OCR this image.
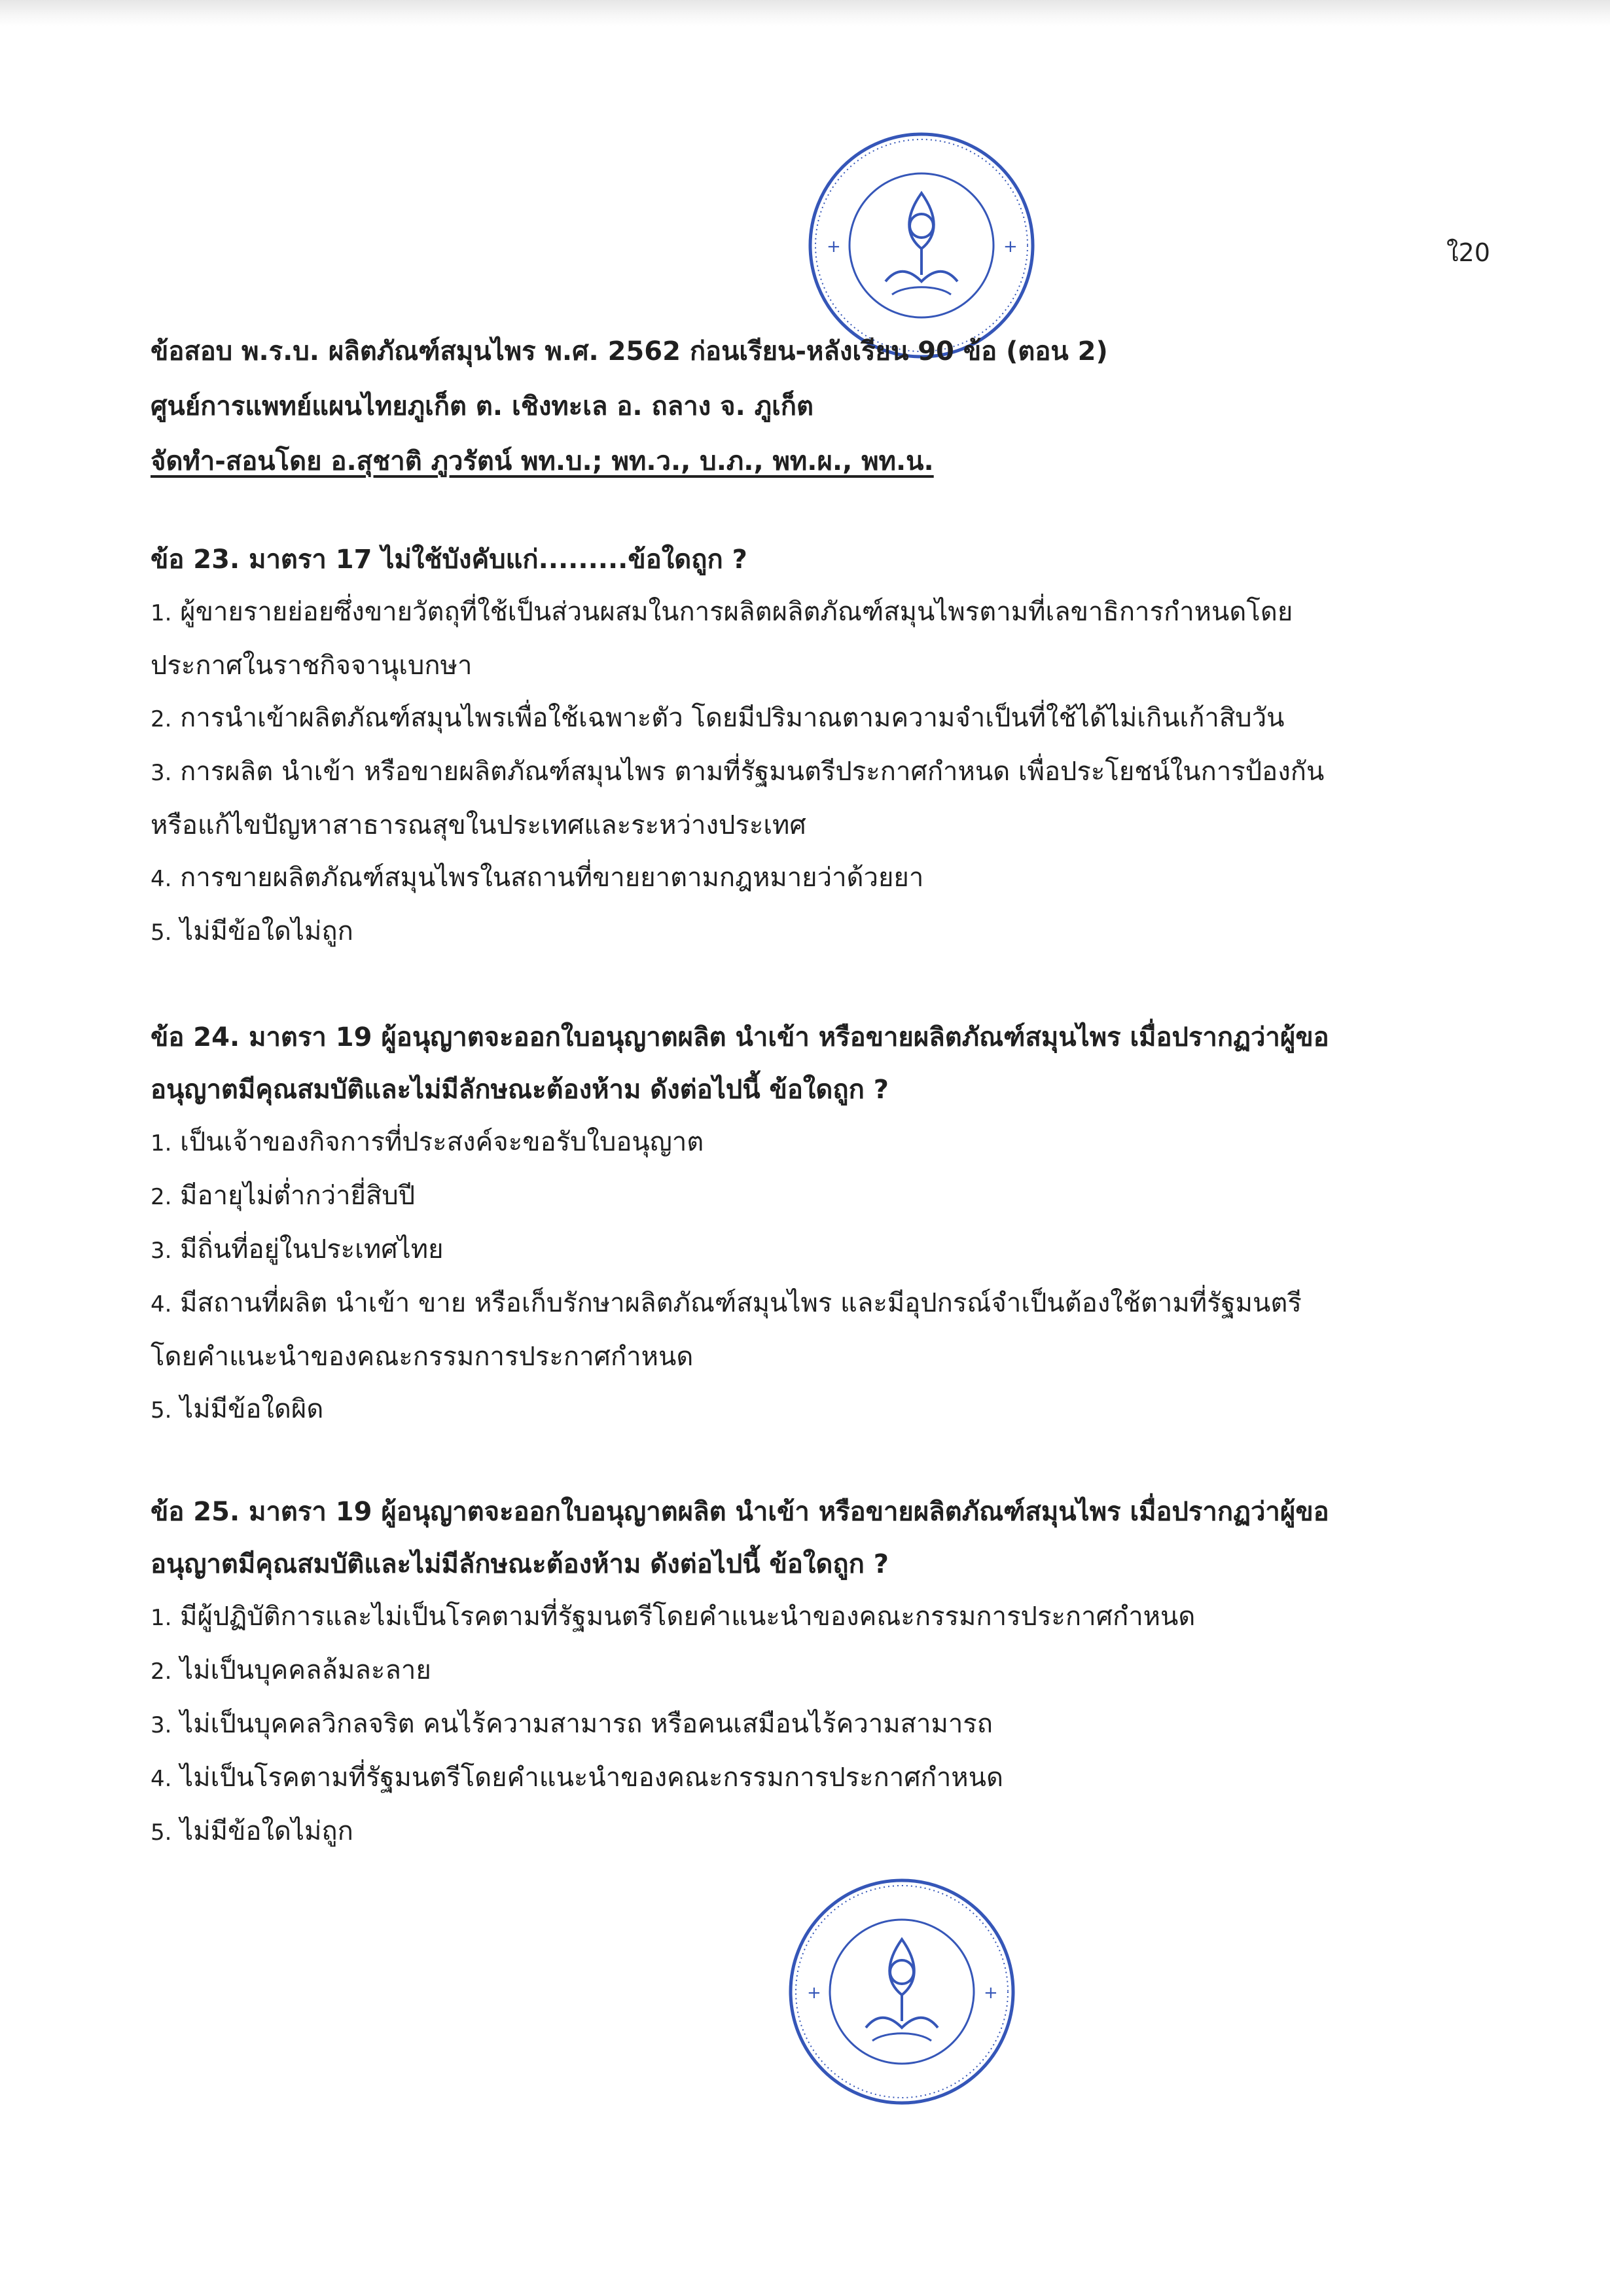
+	+
+	+
ใ20
ข้อสอบ พ.ร.บ. ผลิตภัณฑ์สมุนไพร พ.ศ. 2562 ก่อนเรียน-หลังเรียน 90 ข้อ (ตอน 2)
ศูนย์การแพทย์แผนไทยภูเก็ต ต. เชิงทะเล อ. ถลาง จ. ภูเก็ต
จัดทำ-สอนโดย อ.สุชาติ ภูวรัตน์ พท.บ.; พท.ว., บ.ภ., พท.ผ., พท.น.
ข้อ 23. มาตรา 17 ไม่ใช้บังคับแก่.........ข้อใดถูก ?
1. ผู้ขายรายย่อยซึ่งขายวัตถุที่ใช้เป็นส่วนผสมในการผลิตผลิตภัณฑ์สมุนไพรตามที่เลขาธิการกำหนดโดย
ประกาศในราชกิจจานุเบกษา
2. การนำเข้าผลิตภัณฑ์สมุนไพรเพื่อใช้เฉพาะตัว โดยมีปริมาณตามความจำเป็นที่ใช้ได้ไม่เกินเก้าสิบวัน
3. การผลิต นำเข้า หรือขายผลิตภัณฑ์สมุนไพร ตามที่รัฐมนตรีประกาศกำหนด เพื่อประโยชน์ในการป้องกัน
หรือแก้ไขปัญหาสาธารณสุขในประเทศและระหว่างประเทศ
4. การขายผลิตภัณฑ์สมุนไพรในสถานที่ขายยาตามกฎหมายว่าด้วยยา
5. ไม่มีข้อใดไม่ถูก
ข้อ 24. มาตรา 19 ผู้อนุญาตจะออกใบอนุญาตผลิต นำเข้า หรือขายผลิตภัณฑ์สมุนไพร เมื่อปรากฏว่าผู้ขอ
อนุญาตมีคุณสมบัติและไม่มีลักษณะต้องห้าม ดังต่อไปนี้ ข้อใดถูก ?
1. เป็นเจ้าของกิจการที่ประสงค์จะขอรับใบอนุญาต
2. มีอายุไม่ต่ำกว่ายี่สิบปี
3. มีถิ่นที่อยู่ในประเทศไทย
4. มีสถานที่ผลิต นำเข้า ขาย หรือเก็บรักษาผลิตภัณฑ์สมุนไพร และมีอุปกรณ์จำเป็นต้องใช้ตามที่รัฐมนตรี
โดยคำแนะนำของคณะกรรมการประกาศกำหนด
5. ไม่มีข้อใดผิด
ข้อ 25. มาตรา 19 ผู้อนุญาตจะออกใบอนุญาตผลิต นำเข้า หรือขายผลิตภัณฑ์สมุนไพร เมื่อปรากฏว่าผู้ขอ
อนุญาตมีคุณสมบัติและไม่มีลักษณะต้องห้าม ดังต่อไปนี้ ข้อใดถูก ?
1. มีผู้ปฏิบัติการและไม่เป็นโรคตามที่รัฐมนตรีโดยคำแนะนำของคณะกรรมการประกาศกำหนด
2. ไม่เป็นบุคคลล้มละลาย
3. ไม่เป็นบุคคลวิกลจริต คนไร้ความสามารถ หรือคนเสมือนไร้ความสามารถ
4. ไม่เป็นโรคตามที่รัฐมนตรีโดยคำแนะนำของคณะกรรมการประกาศกำหนด
5. ไม่มีข้อใดไม่ถูก
